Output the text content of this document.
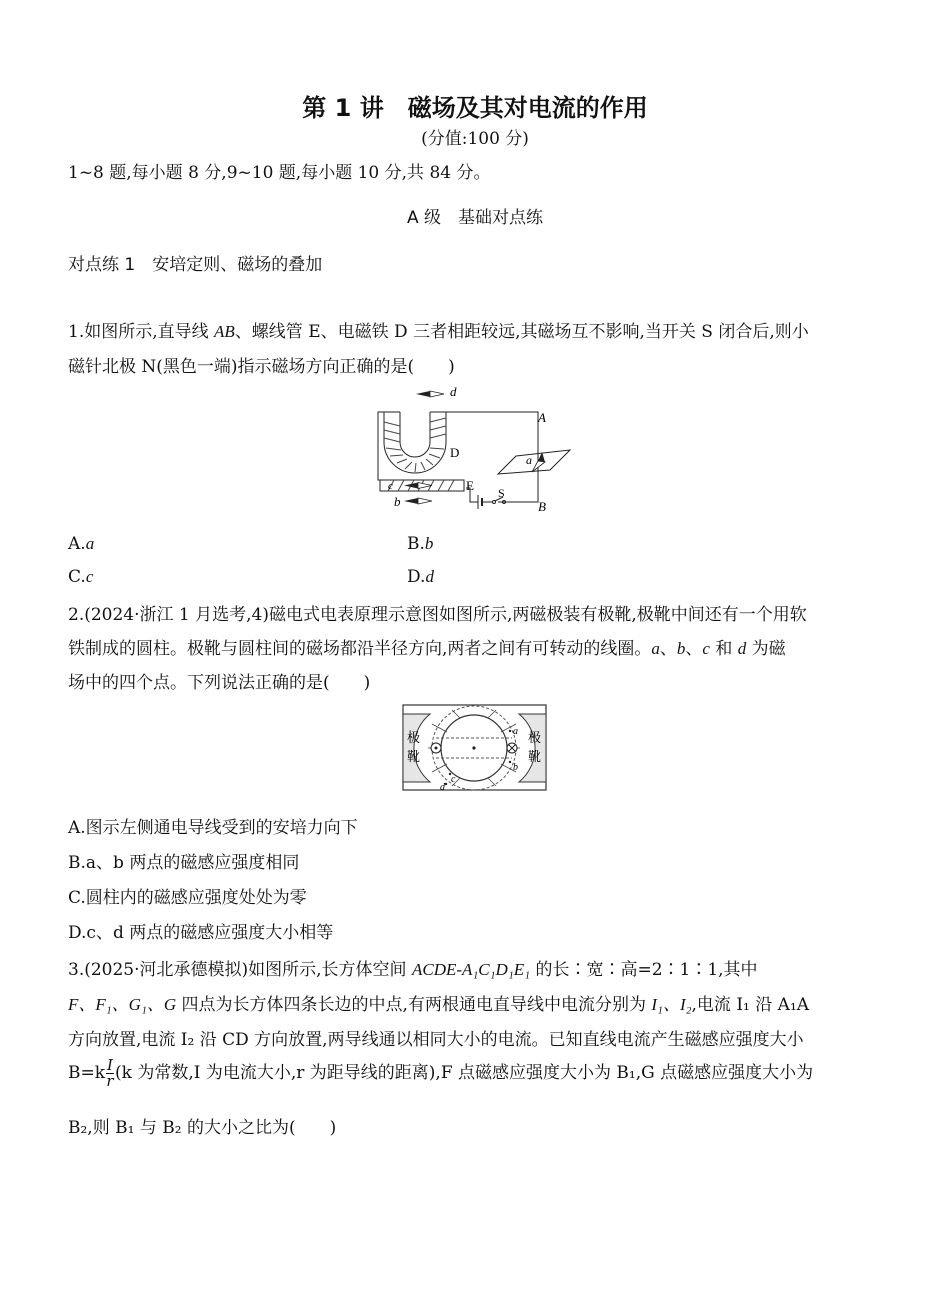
第 1 讲　磁场及其对电流的作用
(分值:100 分)
1~8 题,每小题 8 分,9~10 题,每小题 10 分,共 84 分。
A 级　基础对点练
对点练 1　安培定则、磁场的叠加
1.如图所示,直导线 AB、螺线管 E、电磁铁 D 三者相距较远,其磁场互不影响,当开关 S 闭合后,则小
磁针北极 N(黑色一端)指示磁场方向正确的是(　　)
d
A
D	a
c	E
b
S
B
A.a	B.b
C.c	D.d
2.(2024·浙江 1 月选考,4)磁电式电表原理示意图如图所示,两磁极装有极靴,极靴中间还有一个用软
铁制成的圆柱。极靴与圆柱间的磁场都沿半径方向,两者之间有可转动的线圈。a、b、c 和 d 为磁
场中的四个点。下列说法正确的是(　　)
极
靴
极
靴
a
b
c
d
A.图示左侧通电导线受到的安培力向下
B.a、b 两点的磁感应强度相同
C.圆柱内的磁感应强度处处为零
D.c、d 两点的磁感应强度大小相等
3.(2025·河北承德模拟)如图所示,长方体空间 ACDE-A₁C₁D₁E₁ 的长∶宽∶高=2∶1∶1,其中
F、F₁、G₁、G 四点为长方体四条长边的中点,有两根通电直导线中电流分别为 I₁、I₂,电流 I₁ 沿 A₁A
方向放置,电流 I₂ 沿 CD 方向放置,两导线通以相同大小的电流。已知直线电流产生磁感应强度大小
$B=k \frac{I}{r} (k$ 为常数,I 为电流大小,r 为距导线的距离),F 点磁感应强度大小为 B₁,G 点磁感应强度大小为
B₂,则 B₁ 与 B₂ 的大小之比为(　　)
